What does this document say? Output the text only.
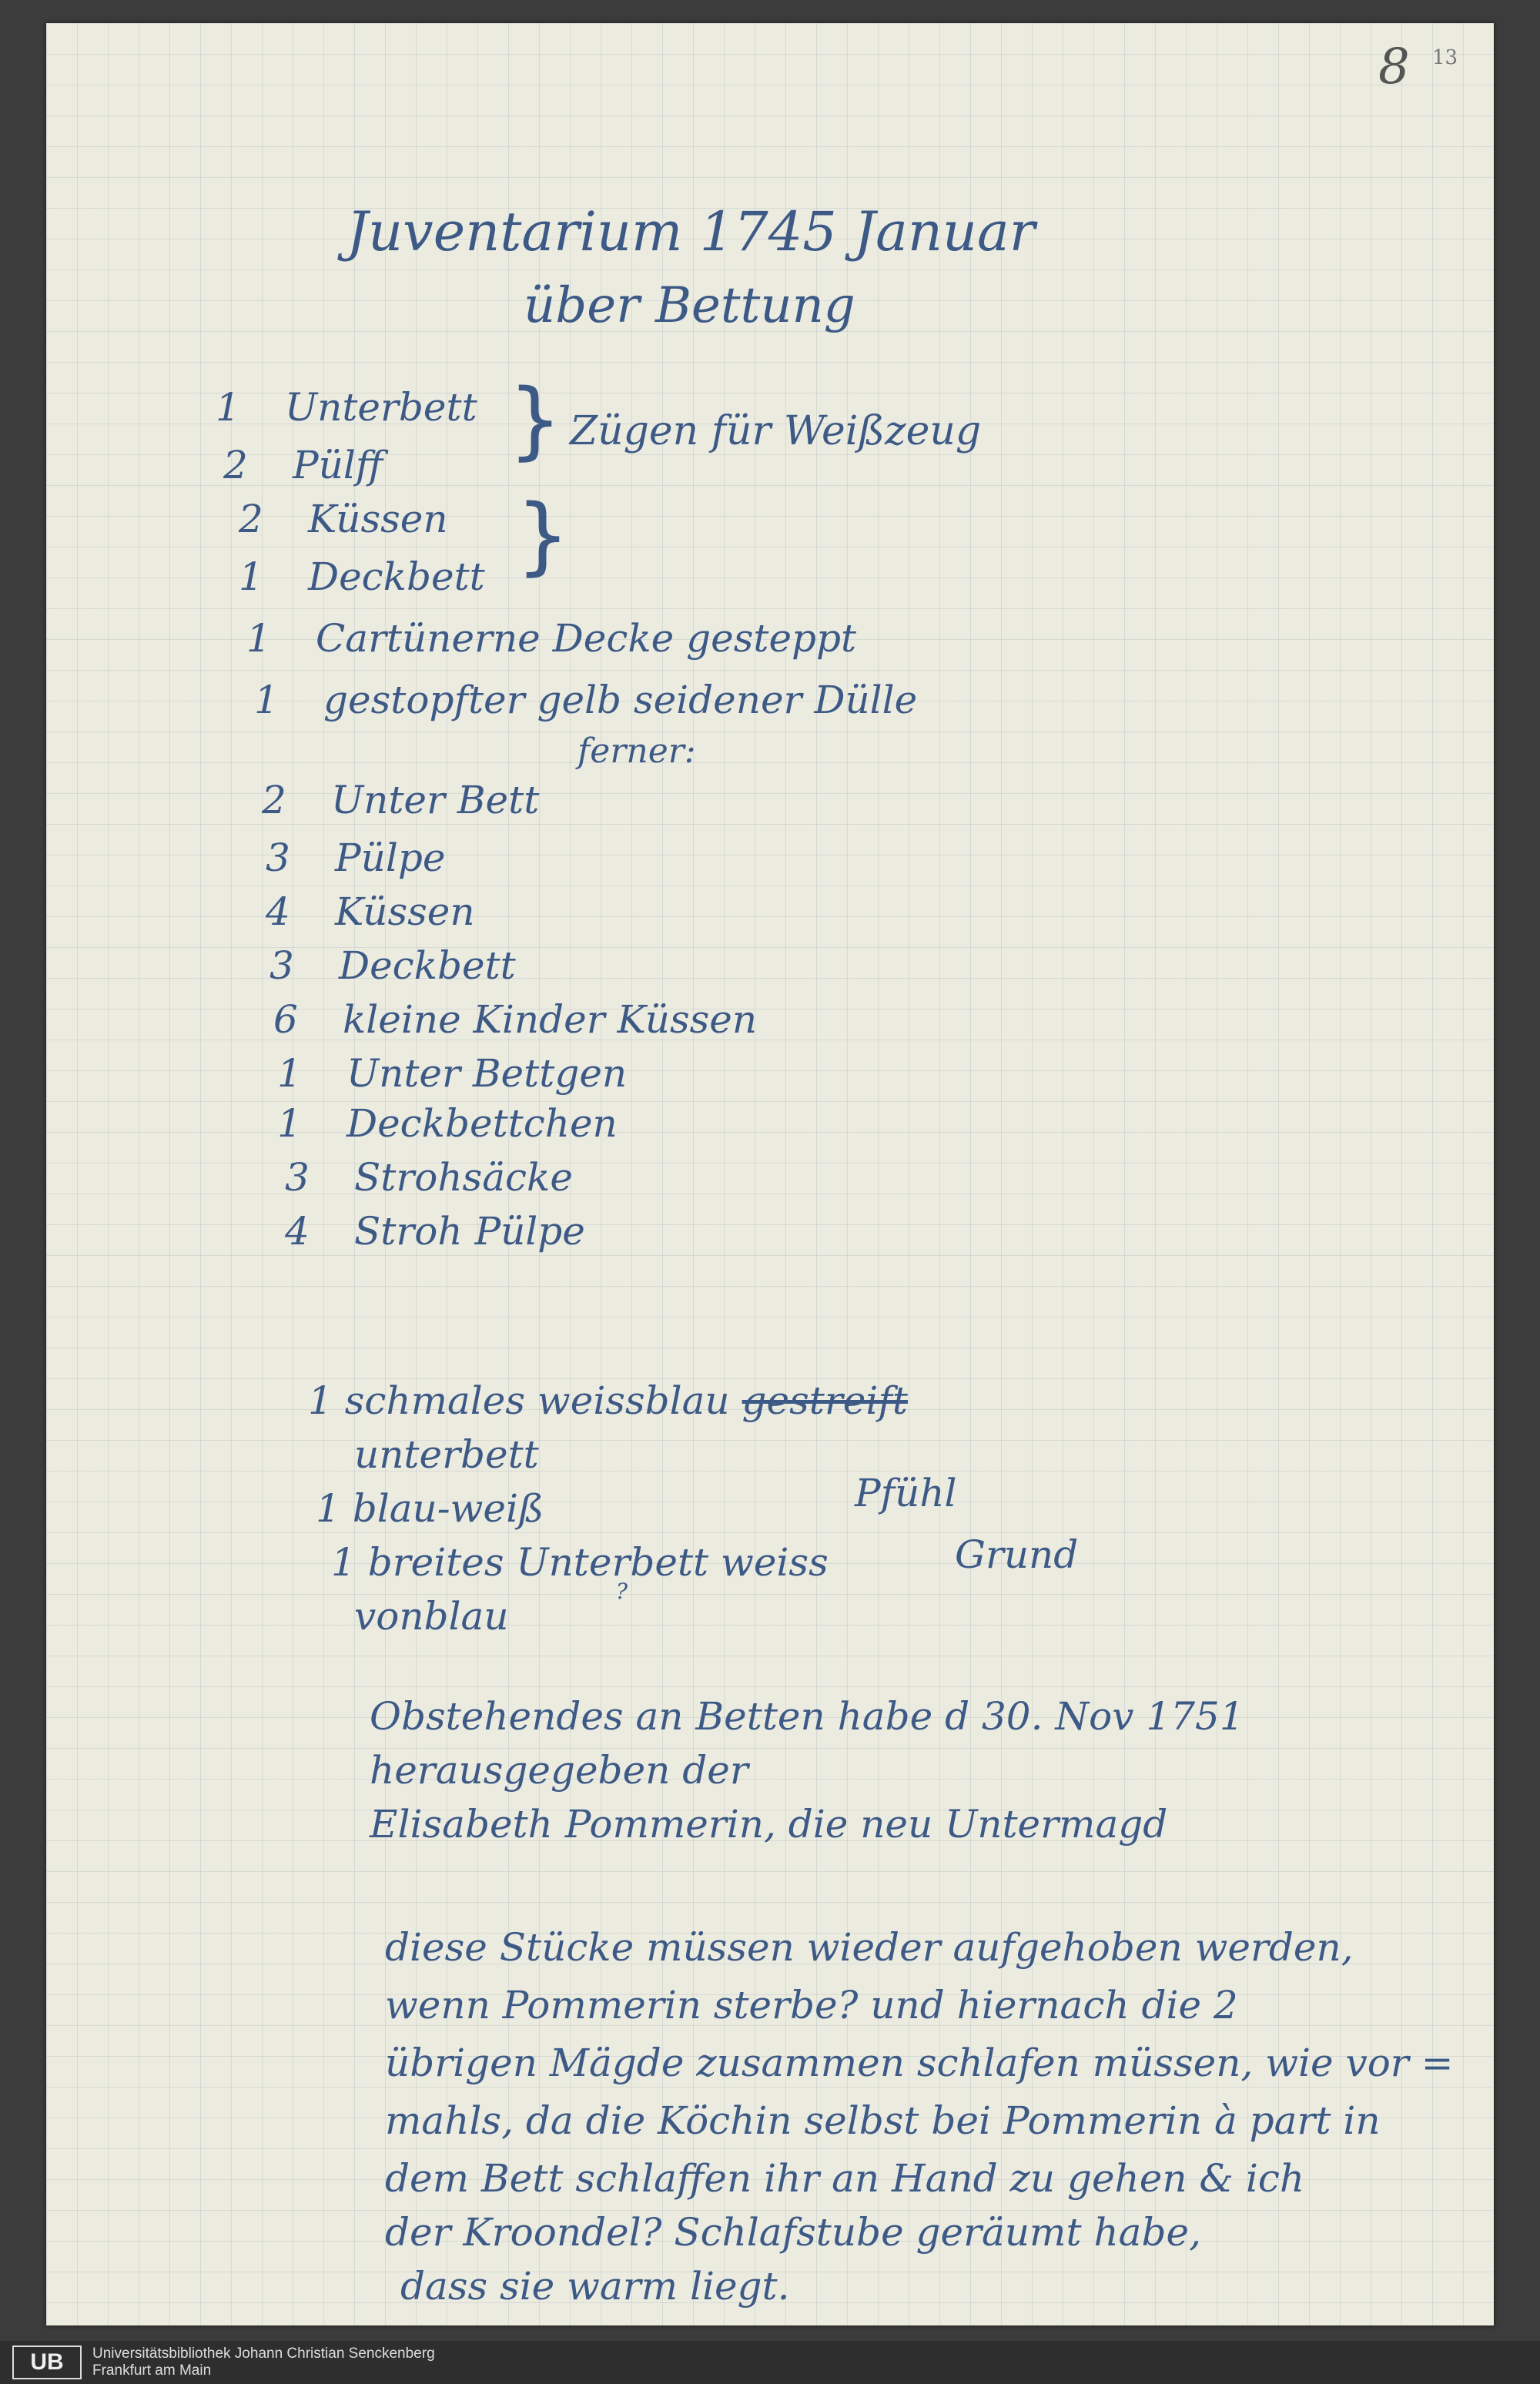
8 13
Juventarium 1745 Januar
über Bettung
1 Unterbett
2 Pülff
2 Küssen
1 Deckbett
1 Cartünerne Decke gesteppt
1 gestopfter gelb seidener Dülle
}
}
Zügen für Weißzeug
ferner:
2 Unter Bett
3 Pülpe
4 Küssen
3 Deckbett
6 kleine Kinder Küssen
1 Unter Bettgen
1 Deckbettchen
3 Strohsäcke
4 Stroh Pülpe
1 schmales weissblau gestreift
unterbett
1 blau-weiß	Pfühl
1 breites Unterbett weiss	Grund
vonblau
?
Obstehendes an Betten habe d 30. Nov 1751
herausgegeben der
Elisabeth Pommerin, die neu Untermagd
diese Stücke müssen wieder aufgehoben werden,
wenn Pommerin sterbe? und hiernach die 2
übrigen Mägde zusammen schlafen müssen, wie vor =
mahls, da die Köchin selbst bei Pommerin à part in
dem Bett schlaffen ihr an Hand zu gehen & ich
der Kroondel? Schlafstube geräumt habe,
dass sie warm liegt.
UB	Universitätsbibliothek Johann Christian Senckenberg
Frankfurt am Main
